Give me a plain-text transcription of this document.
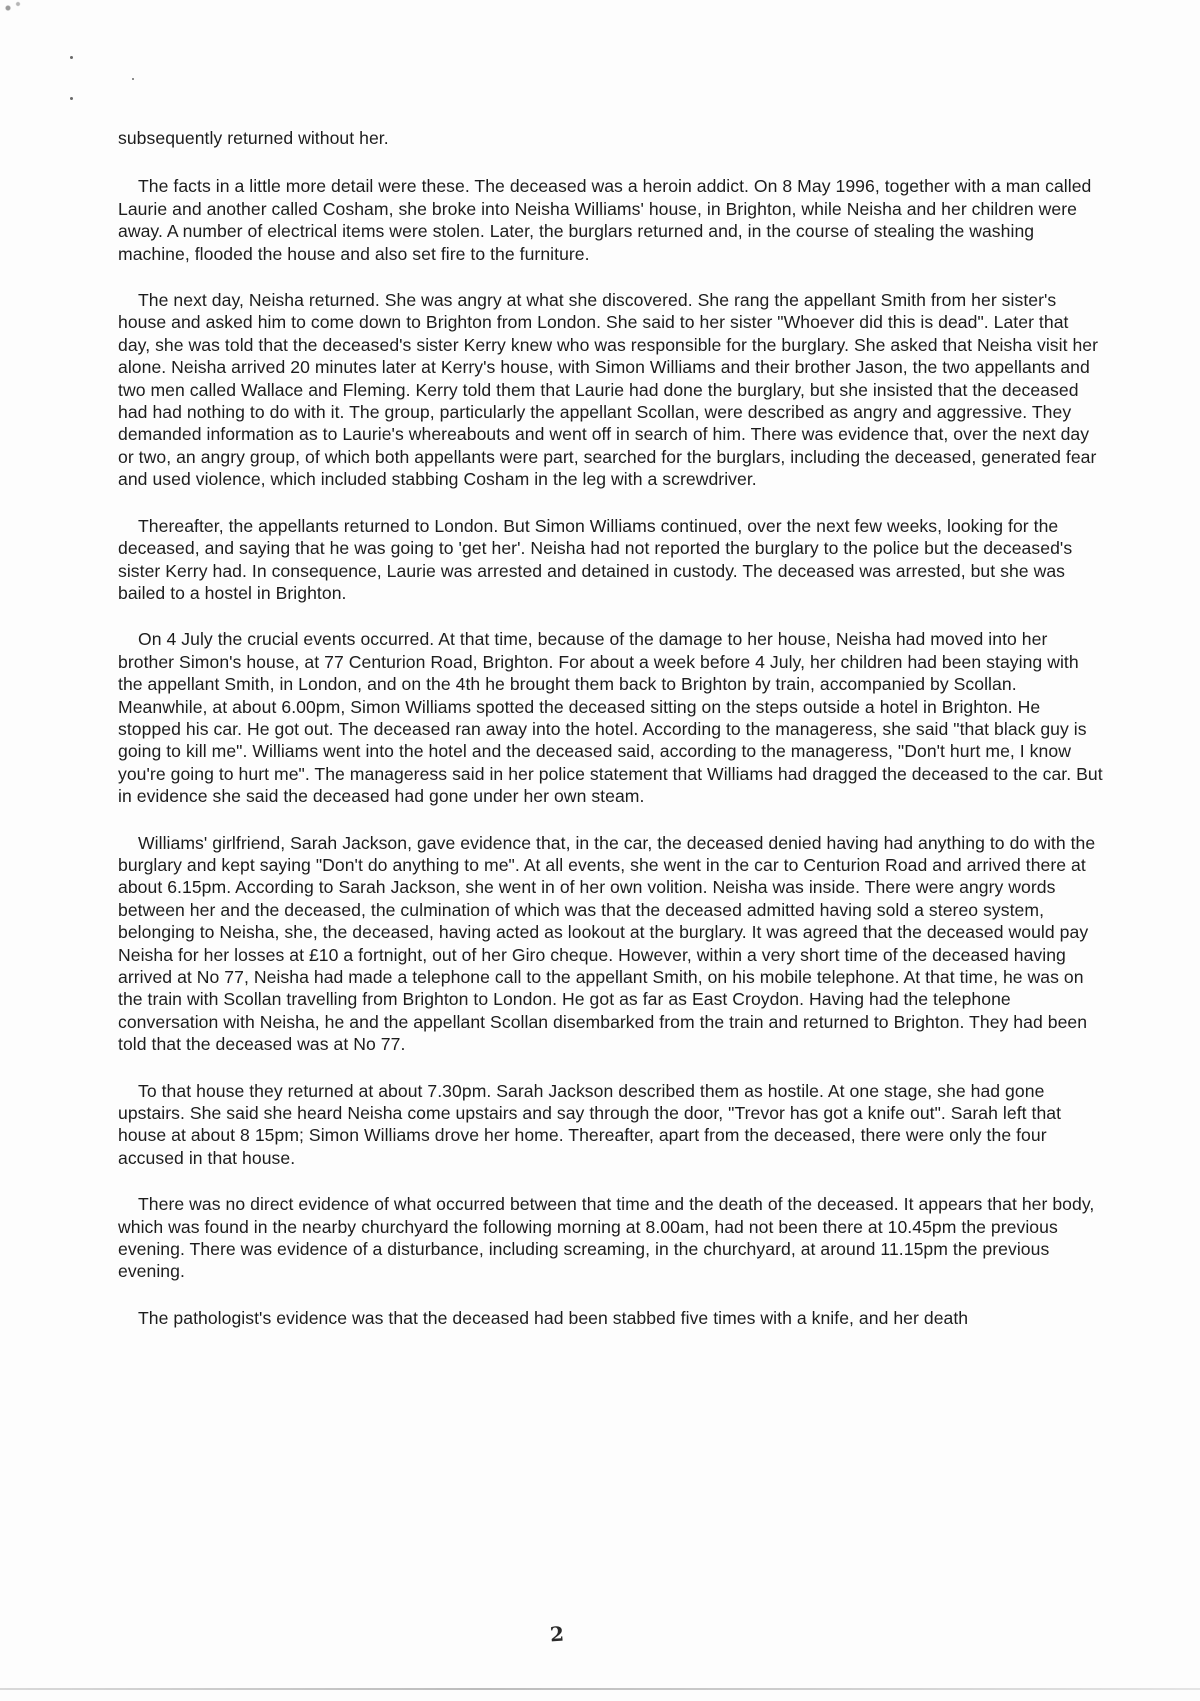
subsequently returned without her.

The facts in a little more detail were these. The deceased was a heroin addict. On 8 May 1996, together with a man called Laurie and another called Cosham, she broke into Neisha Williams' house, in Brighton, while Neisha and her children were away. A number of electrical items were stolen. Later, the burglars returned and, in the course of stealing the washing machine, flooded the house and also set fire to the furniture.

The next day, Neisha returned. She was angry at what she discovered. She rang the appellant Smith from her sister's house and asked him to come down to Brighton from London. She said to her sister "Whoever did this is dead". Later that day, she was told that the deceased's sister Kerry knew who was responsible for the burglary. She asked that Neisha visit her alone. Neisha arrived 20 minutes later at Kerry's house, with Simon Williams and their brother Jason, the two appellants and two men called Wallace and Fleming. Kerry told them that Laurie had done the burglary, but she insisted that the deceased had had nothing to do with it. The group, particularly the appellant Scollan, were described as angry and aggressive. They demanded information as to Laurie's whereabouts and went off in search of him. There was evidence that, over the next day or two, an angry group, of which both appellants were part, searched for the burglars, including the deceased, generated fear and used violence, which included stabbing Cosham in the leg with a screwdriver.

Thereafter, the appellants returned to London. But Simon Williams continued, over the next few weeks, looking for the deceased, and saying that he was going to 'get her'. Neisha had not reported the burglary to the police but the deceased's sister Kerry had. In consequence, Laurie was arrested and detained in custody. The deceased was arrested, but she was bailed to a hostel in Brighton.

On 4 July the crucial events occurred. At that time, because of the damage to her house, Neisha had moved into her brother Simon's house, at 77 Centurion Road, Brighton. For about a week before 4 July, her children had been staying with the appellant Smith, in London, and on the 4th he brought them back to Brighton by train, accompanied by Scollan. Meanwhile, at about 6.00pm, Simon Williams spotted the deceased sitting on the steps outside a hotel in Brighton. He stopped his car. He got out. The deceased ran away into the hotel. According to the manageress, she said "that black guy is going to kill me". Williams went into the hotel and the deceased said, according to the manageress, "Don't hurt me, I know you're going to hurt me". The manageress said in her police statement that Williams had dragged the deceased to the car. But in evidence she said the deceased had gone under her own steam.

Williams' girlfriend, Sarah Jackson, gave evidence that, in the car, the deceased denied having had anything to do with the burglary and kept saying "Don't do anything to me". At all events, she went in the car to Centurion Road and arrived there at about 6.15pm. According to Sarah Jackson, she went in of her own volition. Neisha was inside. There were angry words between her and the deceased, the culmination of which was that the deceased admitted having sold a stereo system, belonging to Neisha, she, the deceased, having acted as lookout at the burglary. It was agreed that the deceased would pay Neisha for her losses at £10 a fortnight, out of her Giro cheque. However, within a very short time of the deceased having arrived at No 77, Neisha had made a telephone call to the appellant Smith, on his mobile telephone. At that time, he was on the train with Scollan travelling from Brighton to London. He got as far as East Croydon. Having had the telephone conversation with Neisha, he and the appellant Scollan disembarked from the train and returned to Brighton. They had been told that the deceased was at No 77.

To that house they returned at about 7.30pm. Sarah Jackson described them as hostile. At one stage, she had gone upstairs. She said she heard Neisha come upstairs and say through the door, "Trevor has got a knife out". Sarah left that house at about 8 15pm; Simon Williams drove her home. Thereafter, apart from the deceased, there were only the four accused in that house.

There was no direct evidence of what occurred between that time and the death of the deceased. It appears that her body, which was found in the nearby churchyard the following morning at 8.00am, had not been there at 10.45pm the previous evening. There was evidence of a disturbance, including screaming, in the churchyard, at around 11.15pm the previous evening.

The pathologist's evidence was that the deceased had been stabbed five times with a knife, and her death

2
